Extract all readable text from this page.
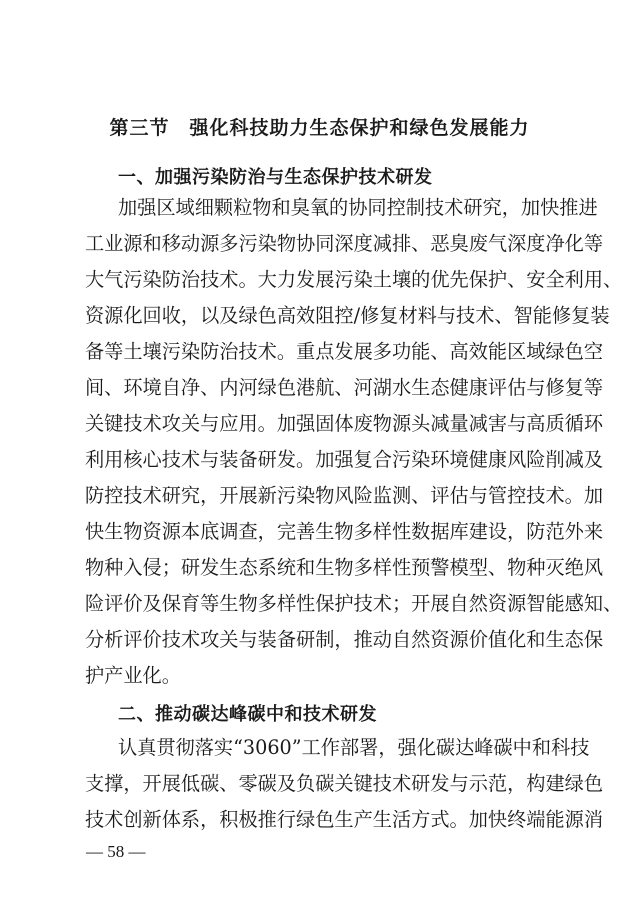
第三节　强化科技助力生态保护和绿色发展能力
一、加强污染防治与生态保护技术研发
加强区域细颗粒物和臭氧的协同控制技术研究，加快推进
工业源和移动源多污染物协同深度减排、恶臭废气深度净化等
大气污染防治技术。大力发展污染土壤的优先保护、安全利用、
资源化回收，以及绿色高效阻控/修复材料与技术、智能修复装
备等土壤污染防治技术。重点发展多功能、高效能区域绿色空
间、环境自净、内河绿色港航、河湖水生态健康评估与修复等
关键技术攻关与应用。加强固体废物源头减量减害与高质循环
利用核心技术与装备研发。加强复合污染环境健康风险削减及
防控技术研究，开展新污染物风险监测、评估与管控技术。加
快生物资源本底调查，完善生物多样性数据库建设，防范外来
物种入侵；研发生态系统和生物多样性预警模型、物种灭绝风
险评价及保育等生物多样性保护技术；开展自然资源智能感知、
分析评价技术攻关与装备研制，推动自然资源价值化和生态保
护产业化。
二、推动碳达峰碳中和技术研发
认真贯彻落实“3060”工作部署，强化碳达峰碳中和科技
支撑，开展低碳、零碳及负碳关键技术研发与示范，构建绿色
技术创新体系，积极推行绿色生产生活方式。加快终端能源消
— 58 —
